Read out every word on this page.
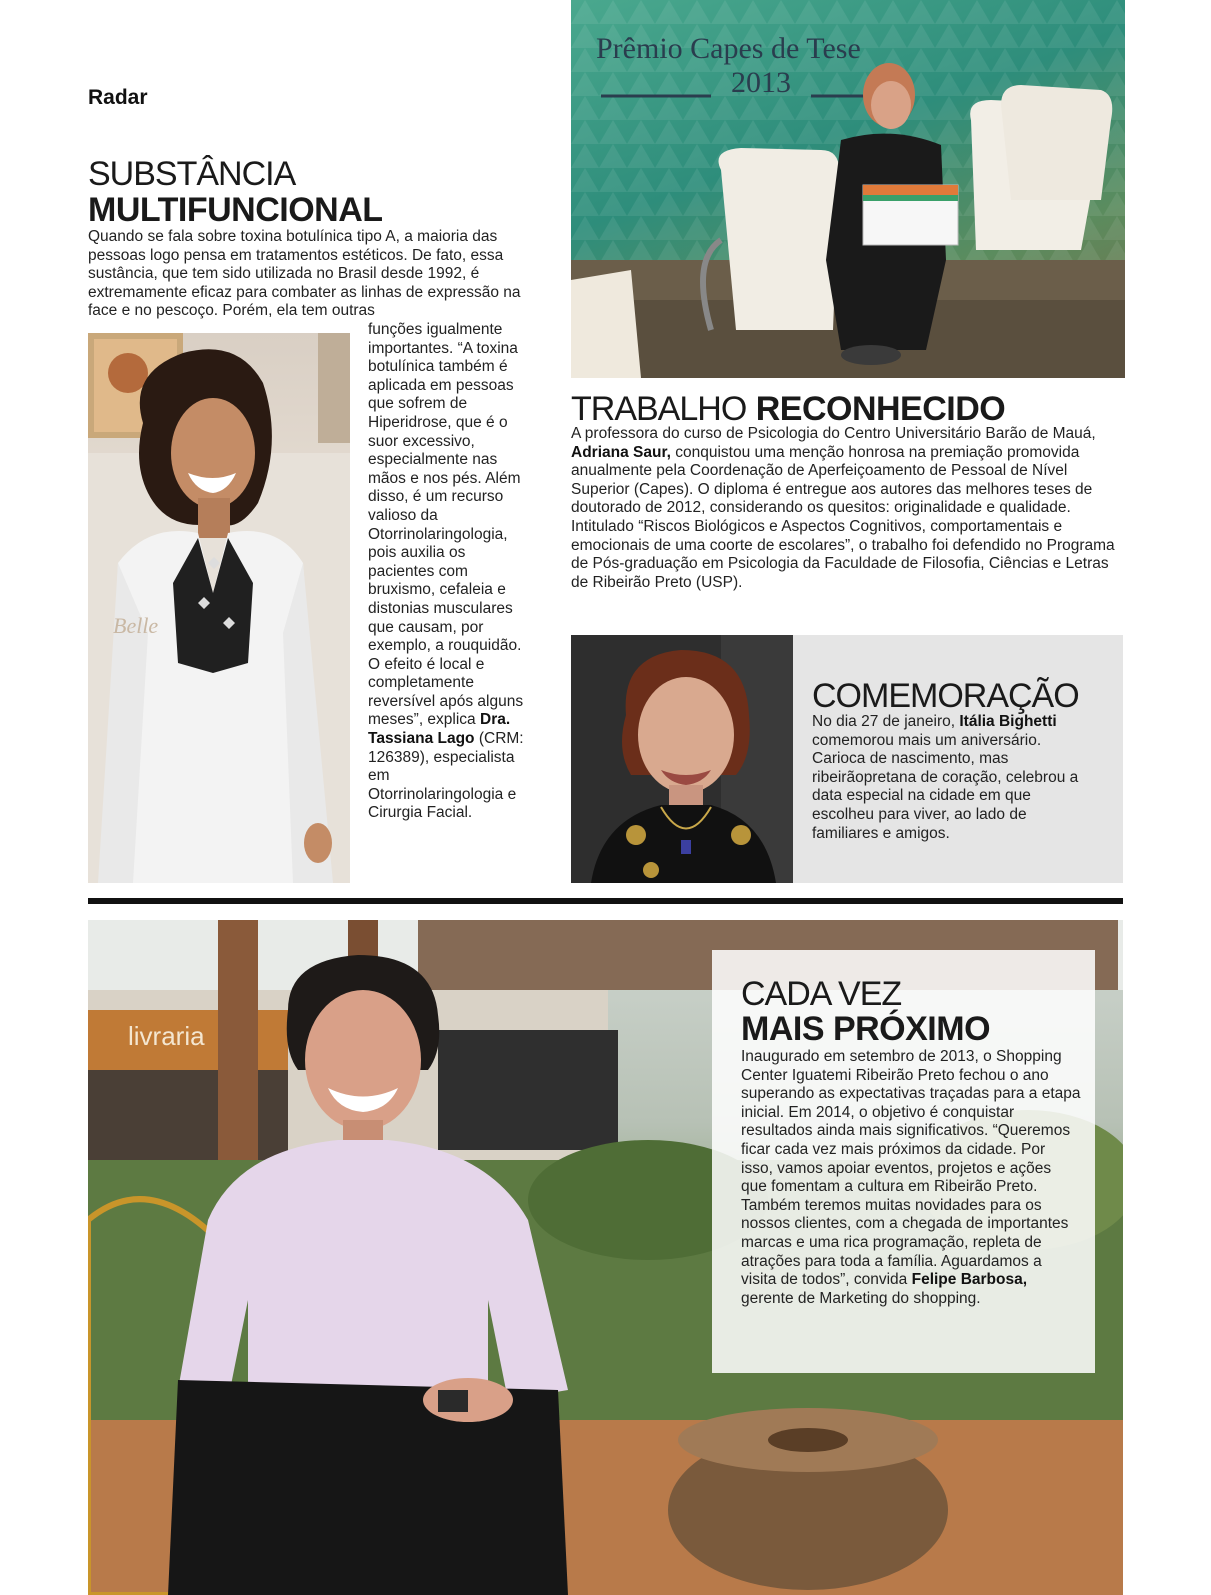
Radar
SUBSTÂNCIA
MULTIFUNCIONAL
Quando se fala sobre toxina botulínica tipo A, a maioria das pessoas logo pensa em tratamentos estéticos. De fato, essa sustância, que tem sido utilizada no Brasil desde 1992, é extremamente eficaz para combater as linhas de expressão na face e no pescoço. Porém, ela tem outras
Belle
funções igualmente importantes. “A toxina botulínica também é aplicada em pessoas que sofrem de Hiperidrose, que é o suor excessivo, especialmente nas mãos e nos pés. Além disso, é um recurso valioso da Otorrinolaringologia, pois auxilia os pacientes com bruxismo, cefaleia e distonias musculares que causam, por exemplo, a rouquidão. O efeito é local e completamente reversível após alguns meses”, explica Dra. Tassiana Lago (CRM: 126389), especialista em Otorrinolaringologia e Cirurgia Facial.
Prêmio Capes de Tese
2013
TRABALHO RECONHECIDO
A professora do curso de Psicologia do Centro Universitário Barão de Mauá, Adriana Saur, conquistou uma menção honrosa na premiação promovida anualmente pela Coordenação de Aperfeiçoamento de Pessoal de Nível Superior (Capes). O diploma é entregue aos autores das melhores teses de doutorado de 2012, considerando os quesitos: originalidade e qualidade. Intitulado “Riscos Biológicos e Aspectos Cognitivos, comportamentais e emocionais de uma coorte de escolares”, o trabalho foi defendido no Programa de Pós-graduação em Psicologia da Faculdade de Filosofia, Ciências e Letras de Ribeirão Preto (USP).
COMEMORAÇÃO
No dia 27 de janeiro, Itália Bighetti comemorou mais um aniversário. Carioca de nascimento, mas ribeirãopretana de coração, celebrou a data especial na cidade em que escolheu para viver, ao lado de familiares e amigos.
livraria
CADA VEZ
MAIS PRÓXIMO
Inaugurado em setembro de 2013, o Shopping Center Iguatemi Ribeirão Preto fechou o ano superando as expectativas traçadas para a etapa inicial. Em 2014, o objetivo é conquistar resultados ainda mais significativos. “Queremos ficar cada vez mais próximos da cidade. Por isso, vamos apoiar eventos, projetos e ações que fomentam a cultura em Ribeirão Preto. Também teremos muitas novidades para os nossos clientes, com a chegada de importantes marcas e uma rica programação, repleta de atrações para toda a família. Aguardamos a visita de todos”, convida Felipe Barbosa, gerente de Marketing do shopping.
